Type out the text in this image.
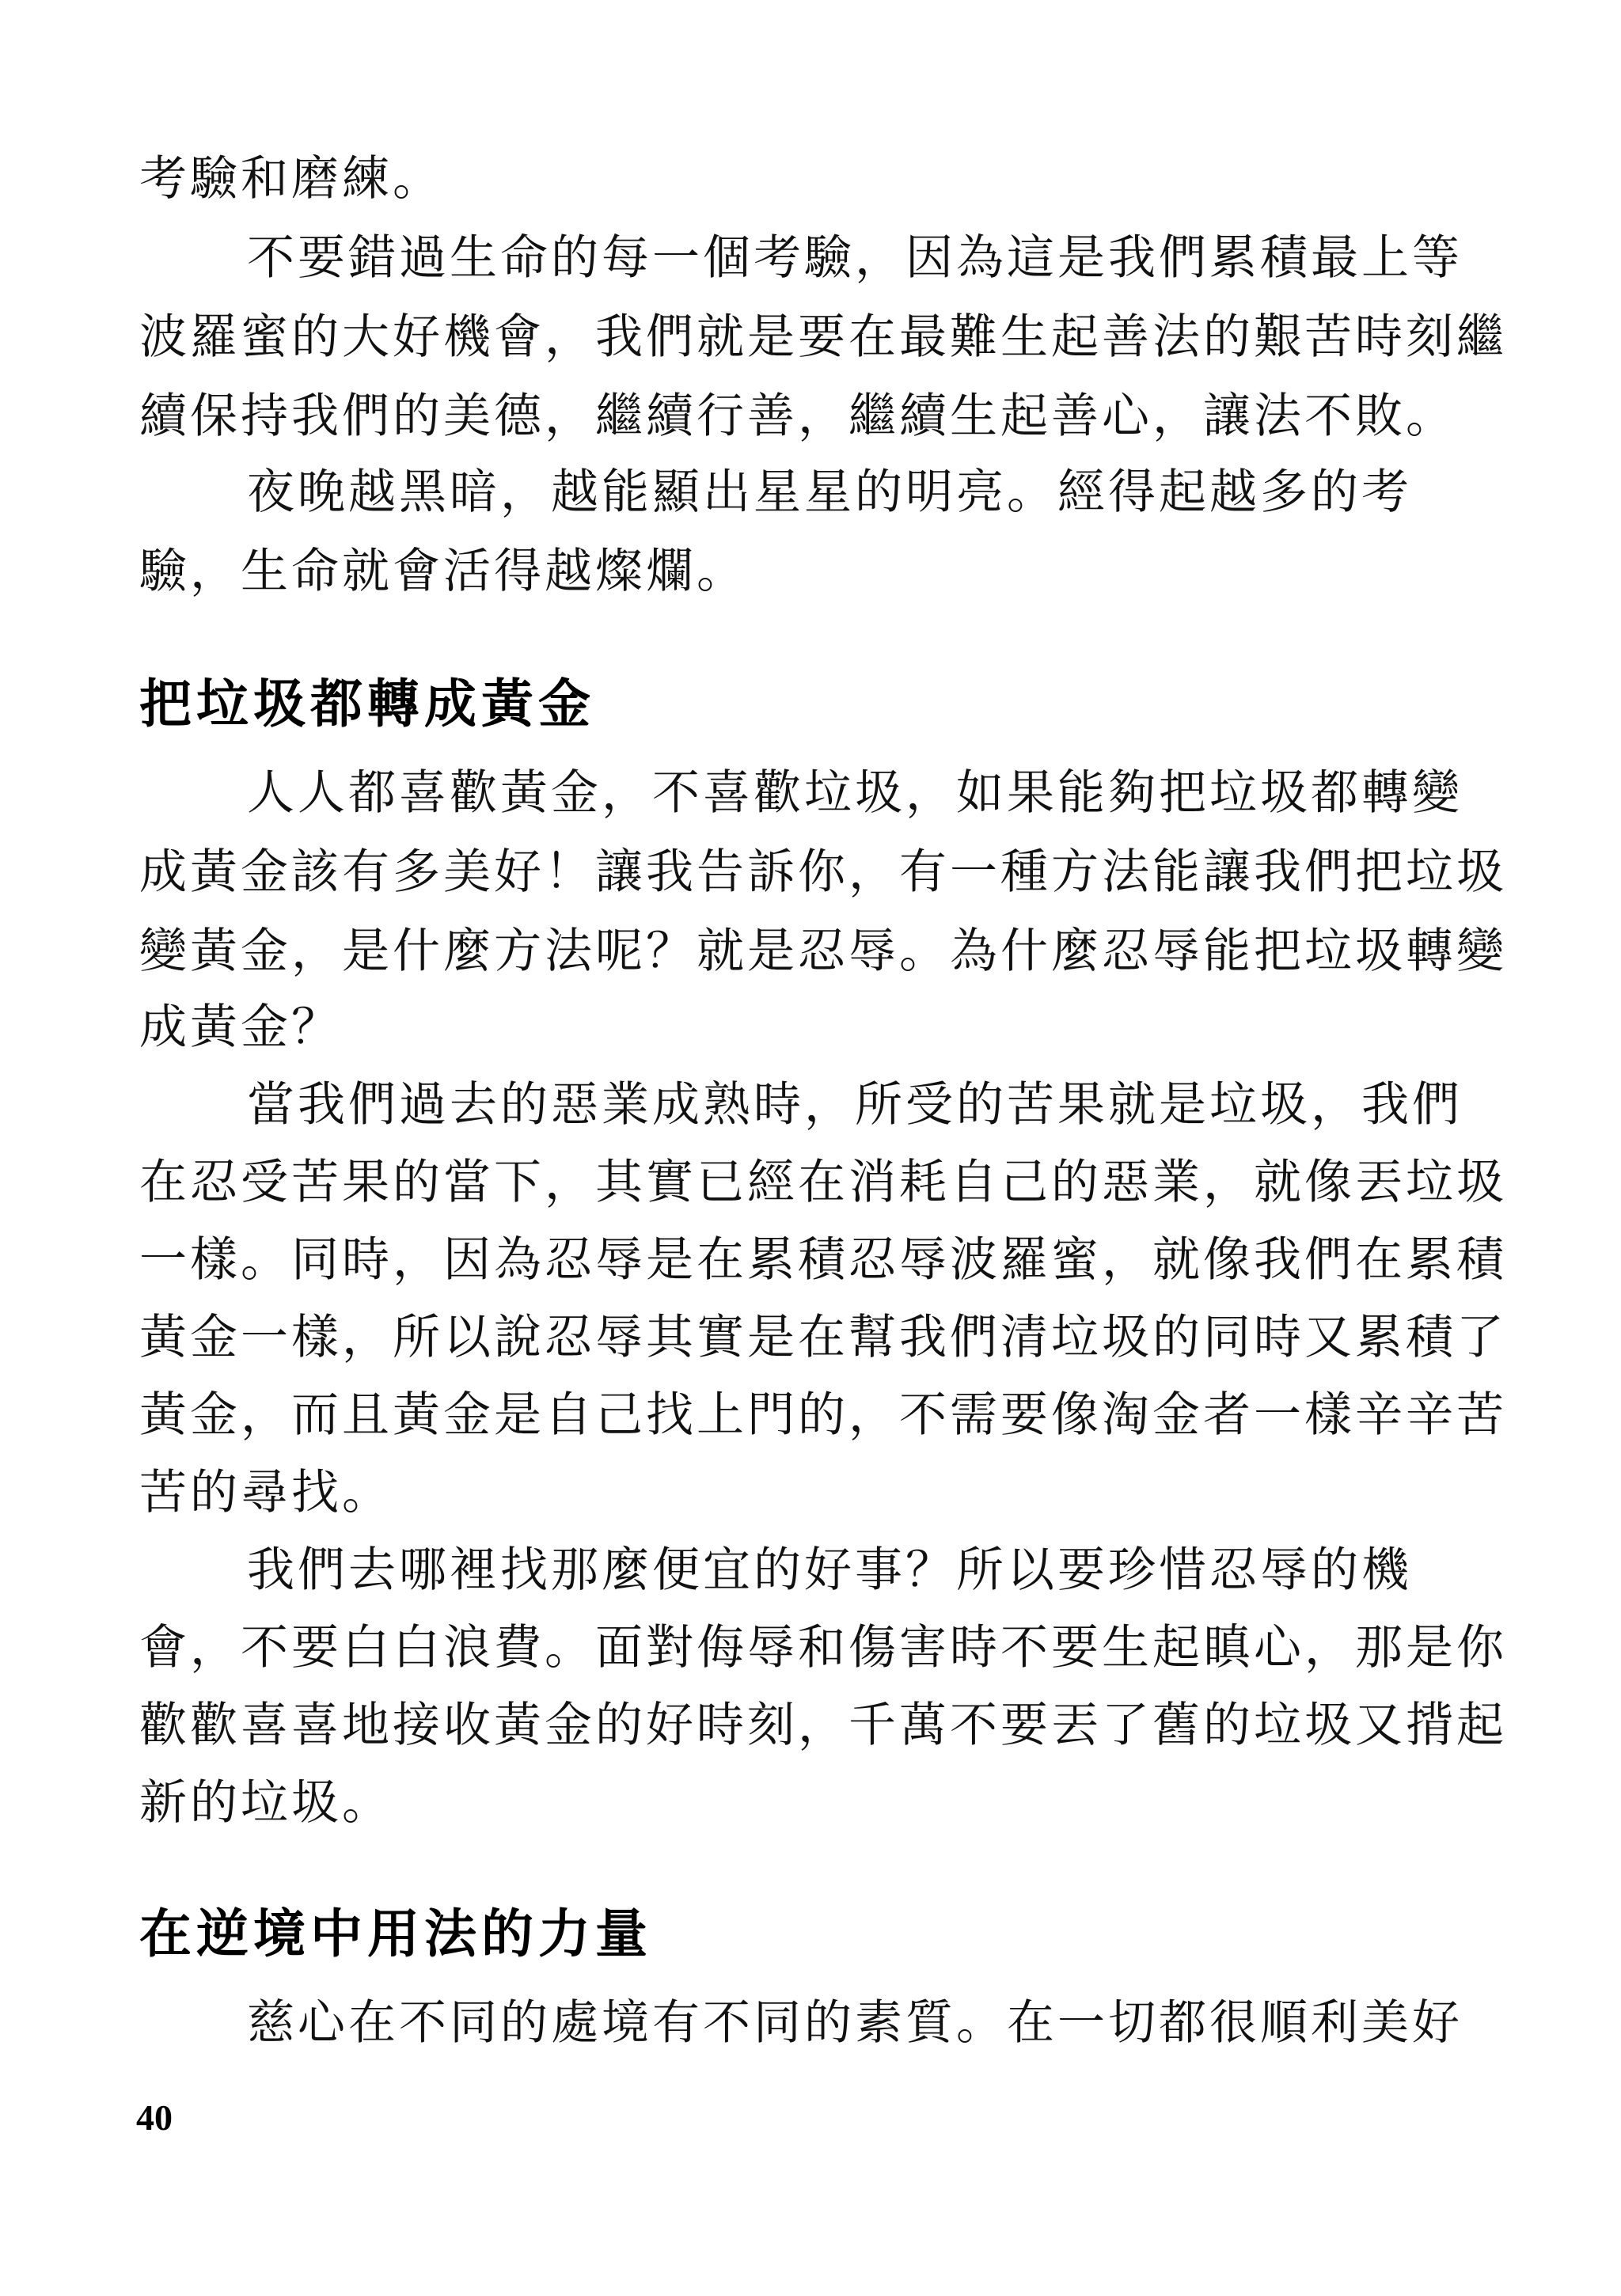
考驗和磨練。
不要錯過生命的每一個考驗，因為這是我們累積最上等
波羅蜜的大好機會，我們就是要在最難生起善法的艱苦時刻繼
續保持我們的美德，繼續行善，繼續生起善心，讓法不敗。
夜晚越黑暗，越能顯出星星的明亮。經得起越多的考
驗，生命就會活得越燦爛。
把垃圾都轉成黃金
人人都喜歡黃金，不喜歡垃圾，如果能夠把垃圾都轉變
成黃金該有多美好！讓我告訴你，有一種方法能讓我們把垃圾
變黃金，是什麼方法呢？就是忍辱。為什麼忍辱能把垃圾轉變
成黃金？
當我們過去的惡業成熟時，所受的苦果就是垃圾，我們
在忍受苦果的當下，其實已經在消耗自己的惡業，就像丟垃圾
一樣。同時，因為忍辱是在累積忍辱波羅蜜，就像我們在累積
黃金一樣，所以說忍辱其實是在幫我們清垃圾的同時又累積了
黃金，而且黃金是自己找上門的，不需要像淘金者一樣辛辛苦
苦的尋找。
我們去哪裡找那麼便宜的好事？所以要珍惜忍辱的機
會，不要白白浪費。面對侮辱和傷害時不要生起瞋心，那是你
歡歡喜喜地接收黃金的好時刻，千萬不要丟了舊的垃圾又揹起
新的垃圾。
在逆境中用法的力量
慈心在不同的處境有不同的素質。在一切都很順利美好
40
